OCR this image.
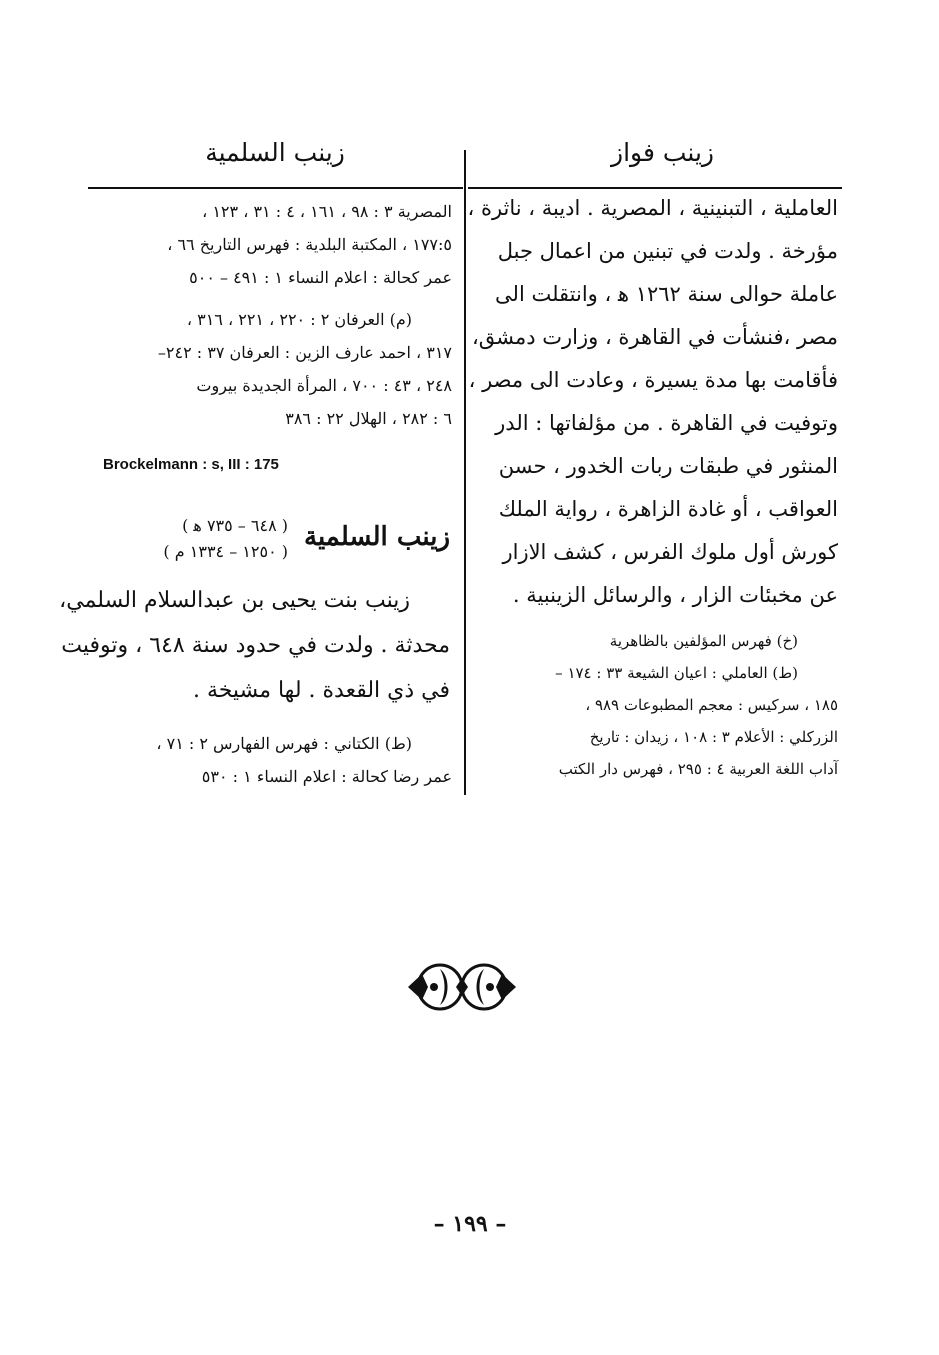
زينب فواز
زينب السلمية
العاملية ، التبنينية ، المصرية . اديبة ، ناثرة ،
مؤرخة . ولدت في تبنين من اعمال جبل
عاملة حوالى سنة ١٢٦٢ ﻫ ، وانتقلت الى
مصر ،فنشأت في القاهرة ، وزارت دمشق،
فأقامت بها مدة يسيرة ، وعادت الى مصر ،
وتوفيت في القاهرة . من مؤلفاتها : الدر
المنثور في طبقات ربات الخدور ، حسن
العواقب ، أو غادة الزاهرة ، رواية الملك
كورش أول ملوك الفرس ، كشف الازار
عن مخبئات الزار ، والرسائل الزينبية .
(خ) فهرس المؤلفين بالظاهرية
(ط) العاملي : اعيان الشيعة ٣٣ : ١٧٤ –
١٨٥ ، سركيس : معجم المطبوعات ٩٨٩ ،
الزركلي : الأعلام ٣ : ١٠٨ ، زيدان : تاريخ
آداب اللغة العربية ٤ : ٢٩٥ ، فهرس دار الكتب
المصرية ٣ : ٩٨ ، ١٦١ ، ٤ : ٣١ ، ١٢٣ ،
١٧٧:٥ ، المكتبة البلدية : فهرس التاريخ ٦٦ ،
عمر كحالة : اعلام النساء ١ : ٤٩١ – ٥٠٠
(م) العرفان ٢ : ٢٢٠ ، ٢٢١ ، ٣١٦ ،
٣١٧ ، احمد عارف الزين : العرفان ٣٧ : ٢٤٢–
٢٤٨ ، ٤٣ : ٧٠٠ ، المرأة الجديدة بيروت
٦ : ٢٨٢ ، الهلال ٢٢ : ٣٨٦
Brockelmann : s, III : 175
زينب السلمية
( ٦٤٨ – ٧٣٥ ﻫ )
( ١٢٥٠ – ١٣٣٤ م )
زينب بنت يحيى بن عبدالسلام السلمي،
محدثة . ولدت في حدود سنة ٦٤٨ ، وتوفيت
في ذي القعدة . لها مشيخة .
(ط) الكتاني : فهرس الفهارس ٢ : ٧١ ،
عمر رضا كحالة : اعلام النساء ١ : ٥٣٠
– ١٩٩ –
